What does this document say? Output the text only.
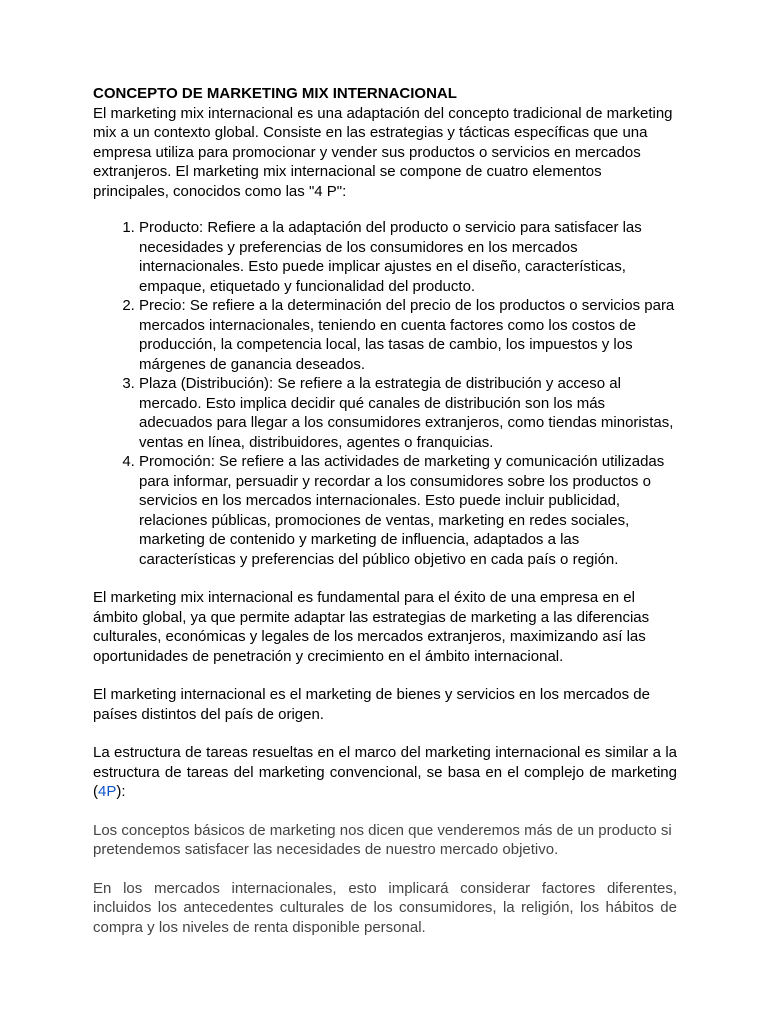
CONCEPTO DE MARKETING MIX INTERNACIONAL

El marketing mix internacional es una adaptación del concepto tradicional de marketing mix a un contexto global. Consiste en las estrategias y tácticas específicas que una empresa utiliza para promocionar y vender sus productos o servicios en mercados extranjeros. El marketing mix internacional se compone de cuatro elementos principales, conocidos como las "4 P":

1. Producto: Refiere a la adaptación del producto o servicio para satisfacer las necesidades y preferencias de los consumidores en los mercados internacionales. Esto puede implicar ajustes en el diseño, características, empaque, etiquetado y funcionalidad del producto.
2. Precio: Se refiere a la determinación del precio de los productos o servicios para mercados internacionales, teniendo en cuenta factores como los costos de producción, la competencia local, las tasas de cambio, los impuestos y los márgenes de ganancia deseados.
3. Plaza (Distribución): Se refiere a la estrategia de distribución y acceso al mercado. Esto implica decidir qué canales de distribución son los más adecuados para llegar a los consumidores extranjeros, como tiendas minoristas, ventas en línea, distribuidores, agentes o franquicias.
4. Promoción: Se refiere a las actividades de marketing y comunicación utilizadas para informar, persuadir y recordar a los consumidores sobre los productos o servicios en los mercados internacionales. Esto puede incluir publicidad, relaciones públicas, promociones de ventas, marketing en redes sociales, marketing de contenido y marketing de influencia, adaptados a las características y preferencias del público objetivo en cada país o región.

El marketing mix internacional es fundamental para el éxito de una empresa en el ámbito global, ya que permite adaptar las estrategias de marketing a las diferencias culturales, económicas y legales de los mercados extranjeros, maximizando así las oportunidades de penetración y crecimiento en el ámbito internacional.

El marketing internacional es el marketing de bienes y servicios en los mercados de países distintos del país de origen.

La estructura de tareas resueltas en el marco del marketing internacional es similar a la estructura de tareas del marketing convencional, se basa en el complejo de marketing (4P):

Los conceptos básicos de marketing nos dicen que venderemos más de un producto si pretendemos satisfacer las necesidades de nuestro mercado objetivo.

En los mercados internacionales, esto implicará considerar factores diferentes, incluidos los antecedentes culturales de los consumidores, la religión, los hábitos de compra y los niveles de renta disponible personal.
